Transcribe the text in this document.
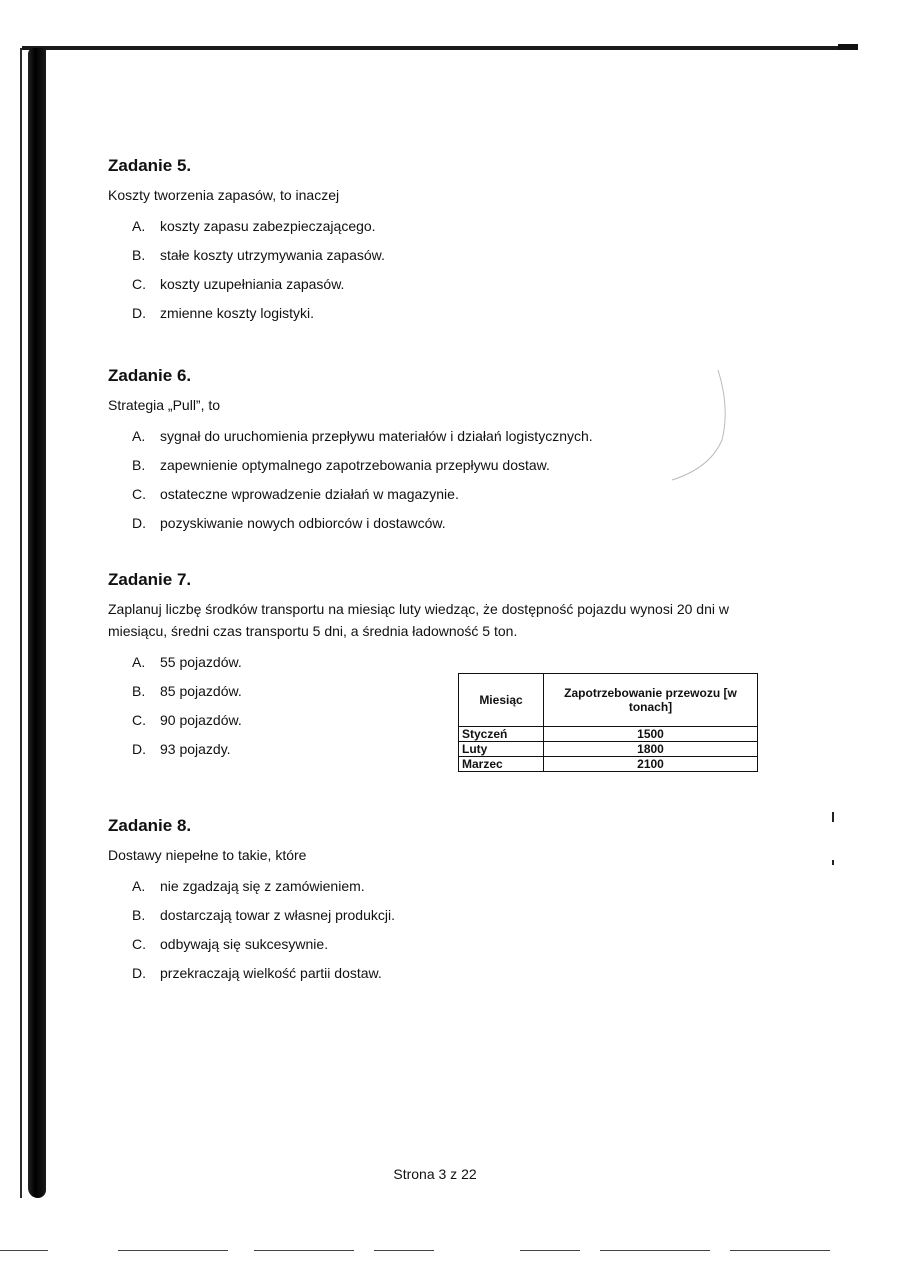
Zadanie 5.

Koszty tworzenia zapasów, to inaczej

A.	koszty zapasu zabezpieczającego.
B.	stałe koszty utrzymywania zapasów.
C.	koszty uzupełniania zapasów.
D.	zmienne koszty logistyki.
Zadanie 6.

Strategia „Pull”, to

A.	sygnał do uruchomienia przepływu materiałów i działań logistycznych.
B.	zapewnienie optymalnego zapotrzebowania przepływu dostaw.
C.	ostateczne wprowadzenie działań w magazynie.
D.	pozyskiwanie nowych odbiorców i dostawców.
Zadanie 7.

Zaplanuj liczbę środków transportu na miesiąc luty wiedząc, że dostępność pojazdu wynosi 20 dni w miesiącu, średni czas transportu 5 dni, a średnia ładowność 5 ton.

A.	55 pojazdów.
B.	85 pojazdów.
C.	90 pojazdów.
D.	93 pojazdy.
Miesiąc	Zapotrzebowanie przewozu [w tonach]
Styczeń	1500
Luty	1800
Marzec	2100
Zadanie 8.

Dostawy niepełne to takie, które

A.	nie zgadzają się z zamówieniem.
B.	dostarczają towar z własnej produkcji.
C.	odbywają się sukcesywnie.
D.	przekraczają wielkość partii dostaw.
Strona 3 z 22
